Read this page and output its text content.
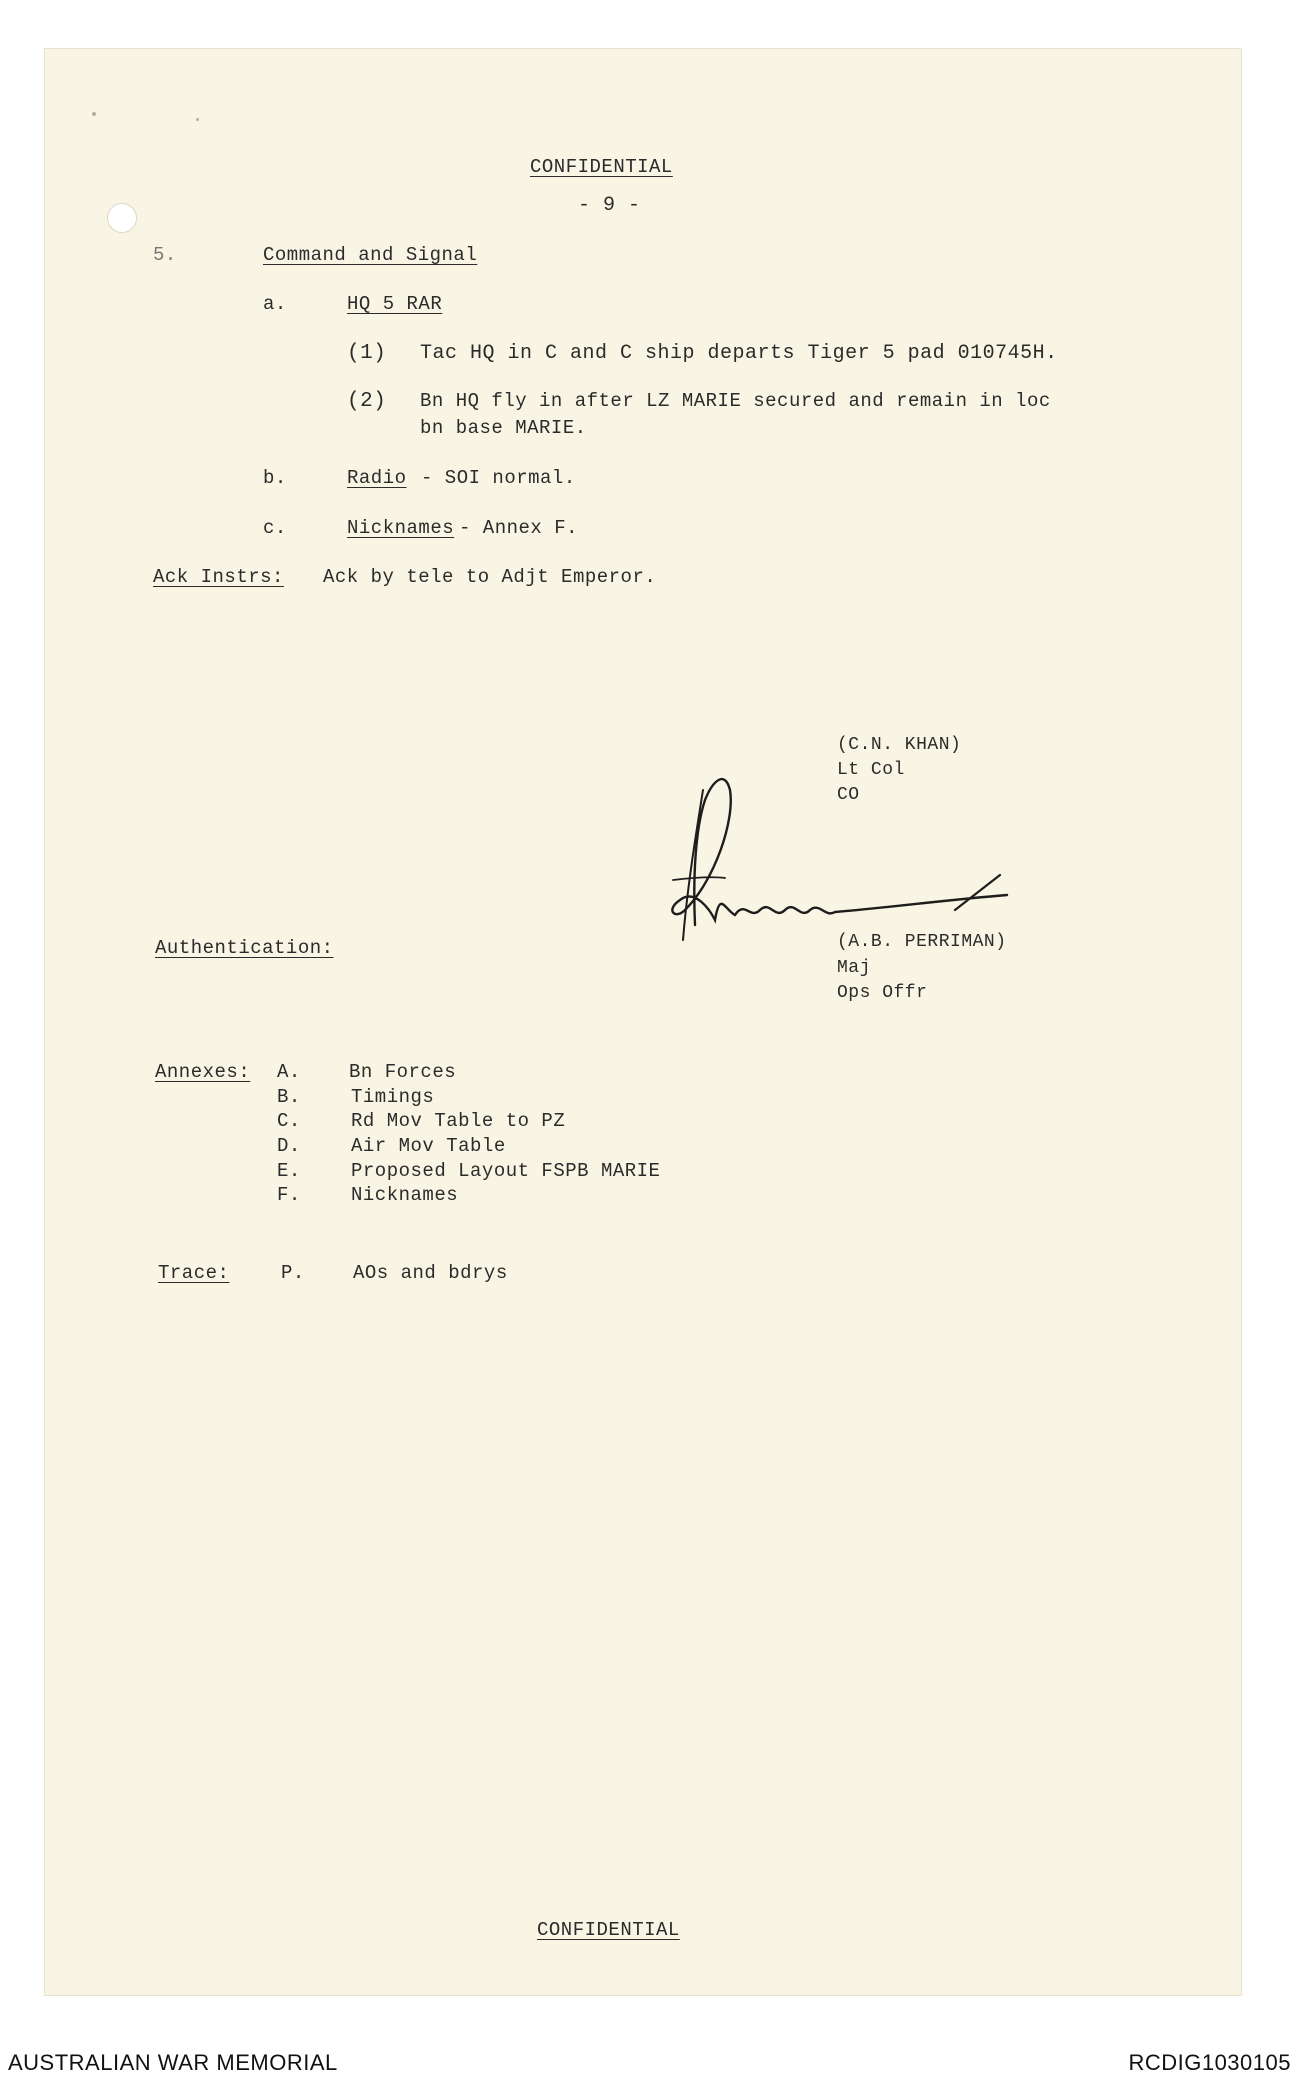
CONFIDENTIAL
- 9 -
5.	Command and Signal
a.	HQ 5 RAR
(1) Tac HQ in C and C ship departs Tiger 5 pad 010745H.
(2) Bn HQ fly in after LZ MARIE secured and remain in loc
bn base MARIE.
b.	Radio - SOI normal.
c.	Nicknames - Annex F.
Ack Instrs: Ack by tele to Adjt Emperor.
(C.N. KHAN)
Lt Col
CO
Authentication:	(A.B. PERRIMAN)
Maj
Ops Offr
Annexes: A.	Bn Forces
B.	Timings
C.	Rd Mov Table to PZ
D.	Air Mov Table
E.	Proposed Layout FSPB MARIE
F.	Nicknames
Trace:	P.	AOs and bdrys
CONFIDENTIAL
AUSTRALIAN WAR MEMORIAL	RCDIG1030105
